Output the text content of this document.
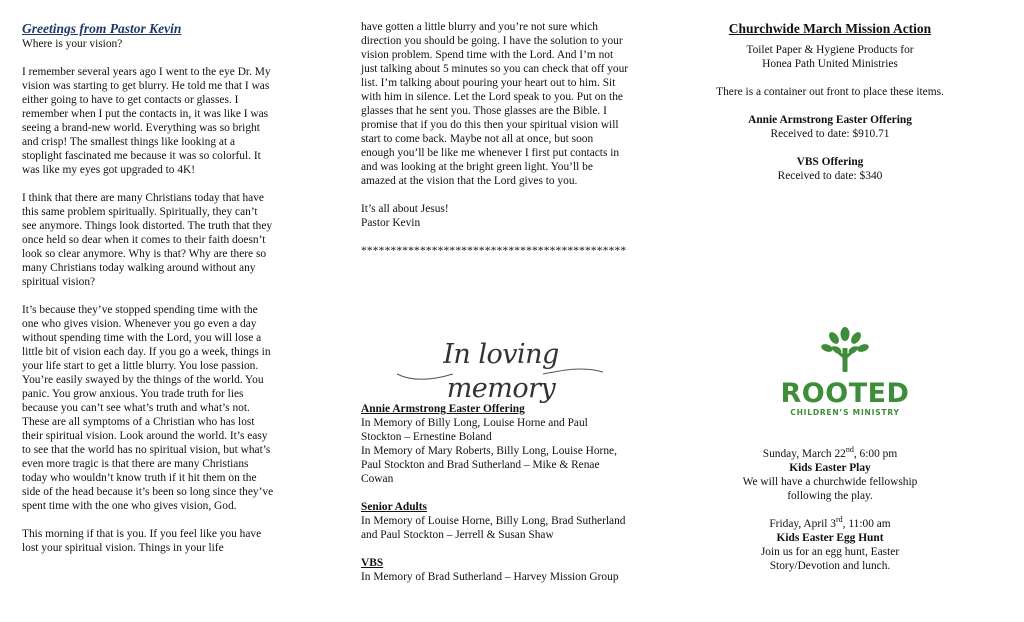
Greetings from Pastor Kevin

Where is your vision?

I remember several years ago I went to the eye Dr. My vision was starting to get blurry. He told me that I was either going to have to get contacts or glasses. I remember when I put the contacts in, it was like I was seeing a brand-new world. Everything was so bright and crisp! The smallest things like looking at a stoplight fascinated me because it was so colorful. It was like my eyes got upgraded to 4K!

I think that there are many Christians today that have this same problem spiritually. Spiritually, they can’t see anymore. Things look distorted. The truth that they once held so dear when it comes to their faith doesn’t look so clear anymore. Why is that? Why are there so many Christians today walking around without any spiritual vision?

It’s because they’ve stopped spending time with the one who gives vision. Whenever you go even a day without spending time with the Lord, you will lose a little bit of vision each day. If you go a week, things in your life start to get a little blurry. You lose passion. You’re easily swayed by the things of the world. You panic. You grow anxious. You trade truth for lies because you can’t see what’s truth and what’s not. These are all symptoms of a Christian who has lost their spiritual vision. Look around the world. It’s easy to see that the world has no spiritual vision, but what’s even more tragic is that there are many Christians today who wouldn’t know truth if it hit them on the side of the head because it’s been so long since they’ve spent time with the one who gives vision, God.

This morning if that is you. If you feel like you have lost your spiritual vision. Things in your life

have gotten a little blurry and you’re not sure which direction you should be going. I have the solution to your vision problem. Spend time with the Lord. And I’m not just talking about 5 minutes so you can check that off your list. I’m talking about pouring your heart out to him. Sit with him in silence. Let the Lord speak to you. Put on the glasses that he sent you. Those glasses are the Bible. I promise that if you do this then your spiritual vision will start to come back. Maybe not all at once, but soon enough you’ll be like me whenever I first put contacts in and was looking at the bright green light. You’ll be amazed at the vision that the Lord gives to you.

It’s all about Jesus!

Pastor Kevin

*********************************************

In loving memory

Annie Armstrong Easter Offering

In Memory of Billy Long, Louise Horne and Paul Stockton – Ernestine Boland

In Memory of Mary Roberts, Billy Long, Louise Horne, Paul Stockton and Brad Sutherland – Mike & Renae Cowan

Senior Adults

In Memory of Louise Horne, Billy Long, Brad Sutherland and Paul Stockton – Jerrell & Susan Shaw

VBS

In Memory of Brad Sutherland – Harvey Mission Group

Churchwide March Mission Action

Toilet Paper & Hygiene Products for

Honea Path United Ministries

There is a container out front to place these items.

Annie Armstrong Easter Offering

Received to date: $910.71

VBS Offering

Received to date: $340

ROOTED
CHILDREN’S MINISTRY

Sunday, March 22nd, 6:00 pm

Kids Easter Play

We will have a churchwide fellowship

following the play.

Friday, April 3rd, 11:00 am

Kids Easter Egg Hunt

Join us for an egg hunt, Easter

Story/Devotion and lunch.
